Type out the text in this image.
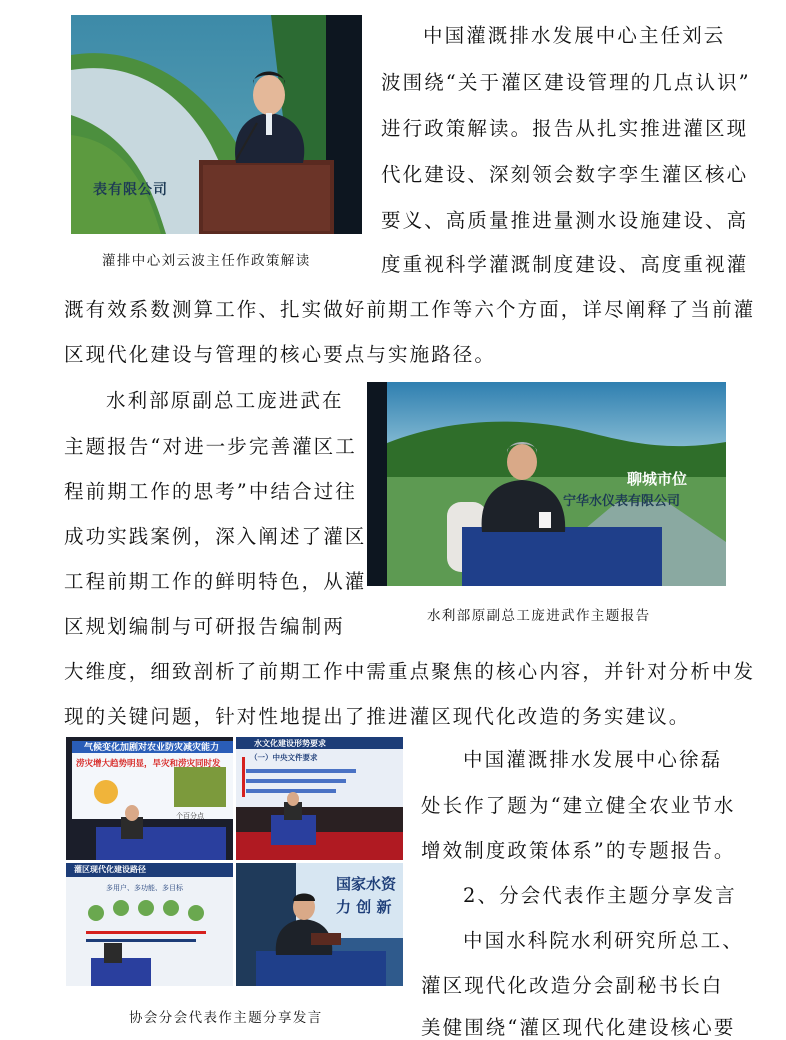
表有限公司
灌排中心刘云波主任作政策解读
中国灌溉排水发展中心主任刘云
波围绕“关于灌区建设管理的几点认识”
进行政策解读。报告从扎实推进灌区现
代化建设、深刻领会数字孪生灌区核心
要义、高质量推进量测水设施建设、高
度重视科学灌溉制度建设、高度重视灌
溉有效系数测算工作、扎实做好前期工作等六个方面，详尽阐释了当前灌
区现代化建设与管理的核心要点与实施路径。
水利部原副总工庞进武在
主题报告“对进一步完善灌区工
程前期工作的思考”中结合过往
成功实践案例，深入阐述了灌区
工程前期工作的鲜明特色，从灌
区规划编制与可研报告编制两
大维度，细致剖析了前期工作中需重点聚焦的核心内容，并针对分析中发
现的关键问题，针对性地提出了推进灌区现代化改造的务实建议。
聊城市位
宁华水仪表有限公司
水利部原副总工庞进武作主题报告
气候变化加剧对农业防灾减灾能力
涝灾增大趋势明显，旱灾和涝灾同时发
个百分点
水文化建设形势要求
（一）中央文件要求
灌区现代化建设路径
多用户、多功能、多目标	国家水资
力 创 新
协会分会代表作主题分享发言
中国灌溉排水发展中心徐磊
处长作了题为“建立健全农业节水
增效制度政策体系”的专题报告。
2、分会代表作主题分享发言
中国水科院水利研究所总工、
灌区现代化改造分会副秘书长白
美健围绕“灌区现代化建设核心要
